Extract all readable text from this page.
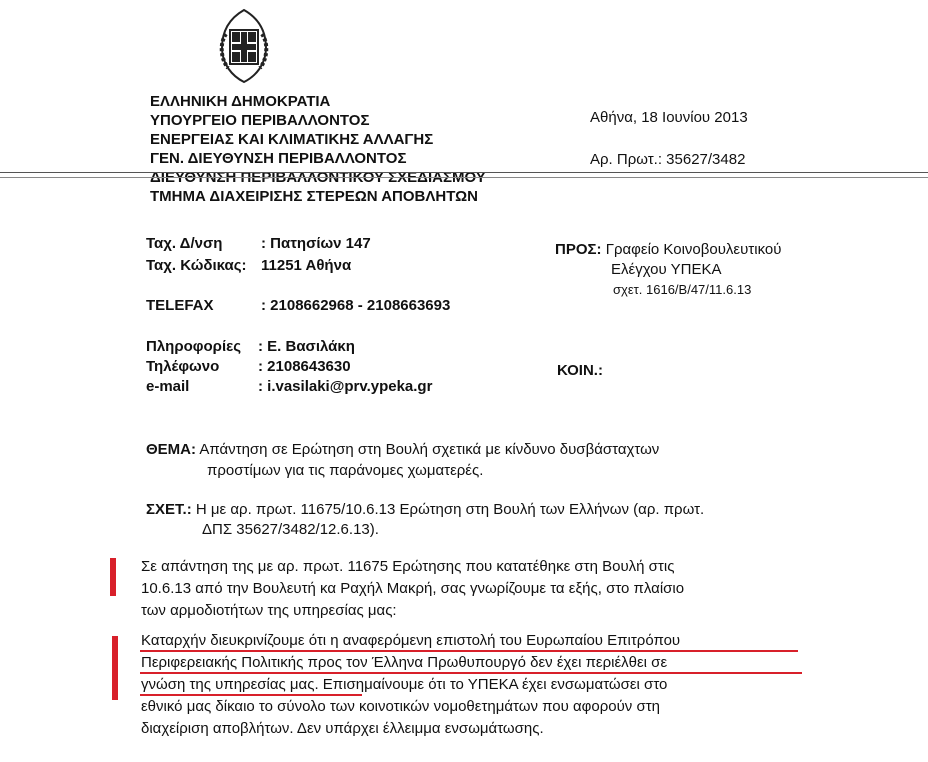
ΕΛΛΗΝΙΚΗ ΔΗΜΟΚΡΑΤΙΑ
ΥΠΟΥΡΓΕΙΟ ΠΕΡΙΒΑΛΛΟΝΤΟΣ
ΕΝΕΡΓΕΙΑΣ ΚΑΙ ΚΛΙΜΑΤΙΚΗΣ ΑΛΛΑΓΗΣ
ΓΕΝ. ΔΙΕΥΘΥΝΣΗ ΠΕΡΙΒΑΛΛΟΝΤΟΣ
ΔΙΕΥΘΥΝΣΗ ΠΕΡΙΒΑΛΛΟΝΤΙΚΟΥ ΣΧΕΔΙΑΣΜΟΥ
ΤΜΗΜΑ ΔΙΑΧΕΙΡΙΣΗΣ ΣΤΕΡΕΩΝ ΑΠΟΒΛΗΤΩΝ
Αθήνα, 18 Ιουνίου 2013
Αρ. Πρωτ.: 35627/3482
Ταχ. Δ/νση	: Πατησίων 147
Ταχ. Κώδικας: 11251 Αθήνα
TELEFAX	: 2108662968 - 2108663693
Πληροφορίες : Ε. Βασιλάκη
Τηλέφωνο	: 2108643630
e-mail	: i.vasilaki@prv.ypeka.gr
ΠΡΟΣ: Γραφείο Κοινοβουλευτικού
Ελέγχου ΥΠΕΚΑ
σχετ. 1616/Β/47/11.6.13
ΚΟΙΝ.:
ΘΕΜΑ: Απάντηση σε Ερώτηση στη Βουλή σχετικά με κίνδυνο δυσβάσταχτων
προστίμων για τις παράνομες χωματερές.
ΣΧΕΤ.: Η με αρ. πρωτ. 11675/10.6.13 Ερώτηση στη Βουλή των Ελλήνων (αρ. πρωτ.
ΔΠΣ 35627/3482/12.6.13).
Σε απάντηση της με αρ. πρωτ. 11675 Ερώτησης που κατατέθηκε στη Βουλή στις
10.6.13 από την Βουλευτή κα Ραχήλ Μακρή, σας γνωρίζουμε τα εξής, στο πλαίσιο
των αρμοδιοτήτων της υπηρεσίας μας:
Καταρχήν διευκρινίζουμε ότι η αναφερόμενη επιστολή του Ευρωπαίου Επιτρόπου
Περιφερειακής Πολιτικής προς τον Έλληνα Πρωθυπουργό δεν έχει περιέλθει σε
γνώση της υπηρεσίας μας. Επισημαίνουμε ότι το ΥΠΕΚΑ έχει ενσωματώσει στο
εθνικό μας δίκαιο το σύνολο των κοινοτικών νομοθετημάτων που αφορούν στη
διαχείριση αποβλήτων. Δεν υπάρχει έλλειμμα ενσωμάτωσης.
